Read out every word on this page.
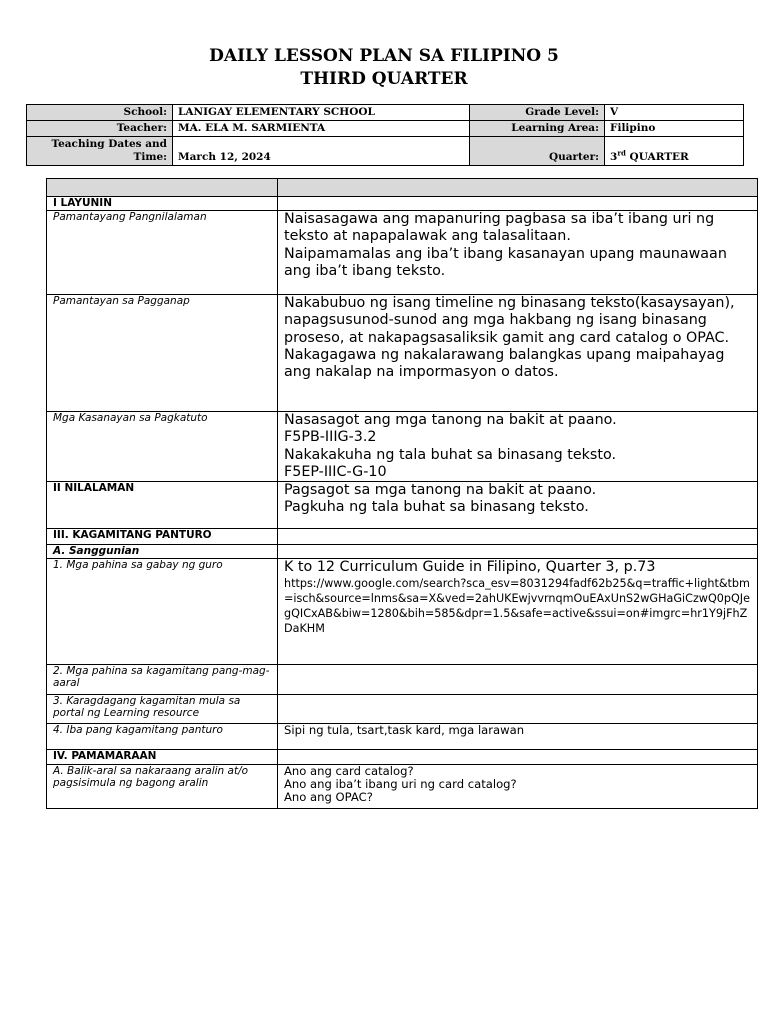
DAILY LESSON PLAN SA FILIPINO 5
THIRD QUARTER
School:	LANIGAY ELEMENTARY SCHOOL	Grade Level:	V
Teacher:	MA. ELA M. SARMIENTA	Learning Area:	Filipino

Teaching Dates and
Time:	March 12, 2024	Quarter:	3rd QUARTER

I LAYUNIN	
Pamantayang Pangnilalaman	Naisasagawa ang mapanuring pagbasa sa iba’t ibang uri ng teksto at napapalawak ang talasalitaan.
Naipamamalas ang iba’t ibang kasanayan upang maunawaan ang iba’t ibang teksto.

Pamantayan sa Pagganap	Nakabubuo ng isang timeline ng binasang teksto(kasaysayan), napagsusunod-sunod ang mga hakbang ng isang binasang proseso, at nakapagsasaliksik gamit ang card catalog o OPAC.
Nakagagawa ng nakalarawang balangkas upang maipahayag ang nakalap na impormasyon o datos.

Mga Kasanayan sa Pagkatuto	Nasasagot ang mga tanong na bakit at paano.
F5PB-IIIG-3.2
Nakakakuha ng tala buhat sa binasang teksto.
F5EP-IIIC-G-10

II NILALAMAN	Pagsagot sa mga tanong na bakit at paano.
Pagkuha ng tala buhat sa binasang teksto.

III. KAGAMITANG PANTURO	
A. Sanggunian	
1. Mga pahina sa gabay ng guro	K to 12 Curriculum Guide in Filipino, Quarter 3, p.73
https://www.google.com/search?sca_esv=8031294fadf62b25&q=traffic+light&tbm=isch&source=lnms&sa=X&ved=2ahUKEwjvvrnqmOuEAxUnS2wGHaGiCzwQ0pQJegQICxAB&biw=1280&bih=585&dpr=1.5&safe=active&ssui=on#imgrc=hr1Y9jFhZDaKHM

2. Mga pahina sa kagamitang pang-mag-aaral	
3. Karagdagang kagamitan mula sa portal ng Learning resource	
4. Iba pang kagamitang panturo	Sipi ng tula, tsart,task kard, mga larawan
IV. PAMAMARAAN	
A. Balik-aral sa nakaraang aralin at/o pagsisimula ng bagong aralin	Ano ang card catalog?
Ano ang iba’t ibang uri ng card catalog?
Ano ang OPAC?
